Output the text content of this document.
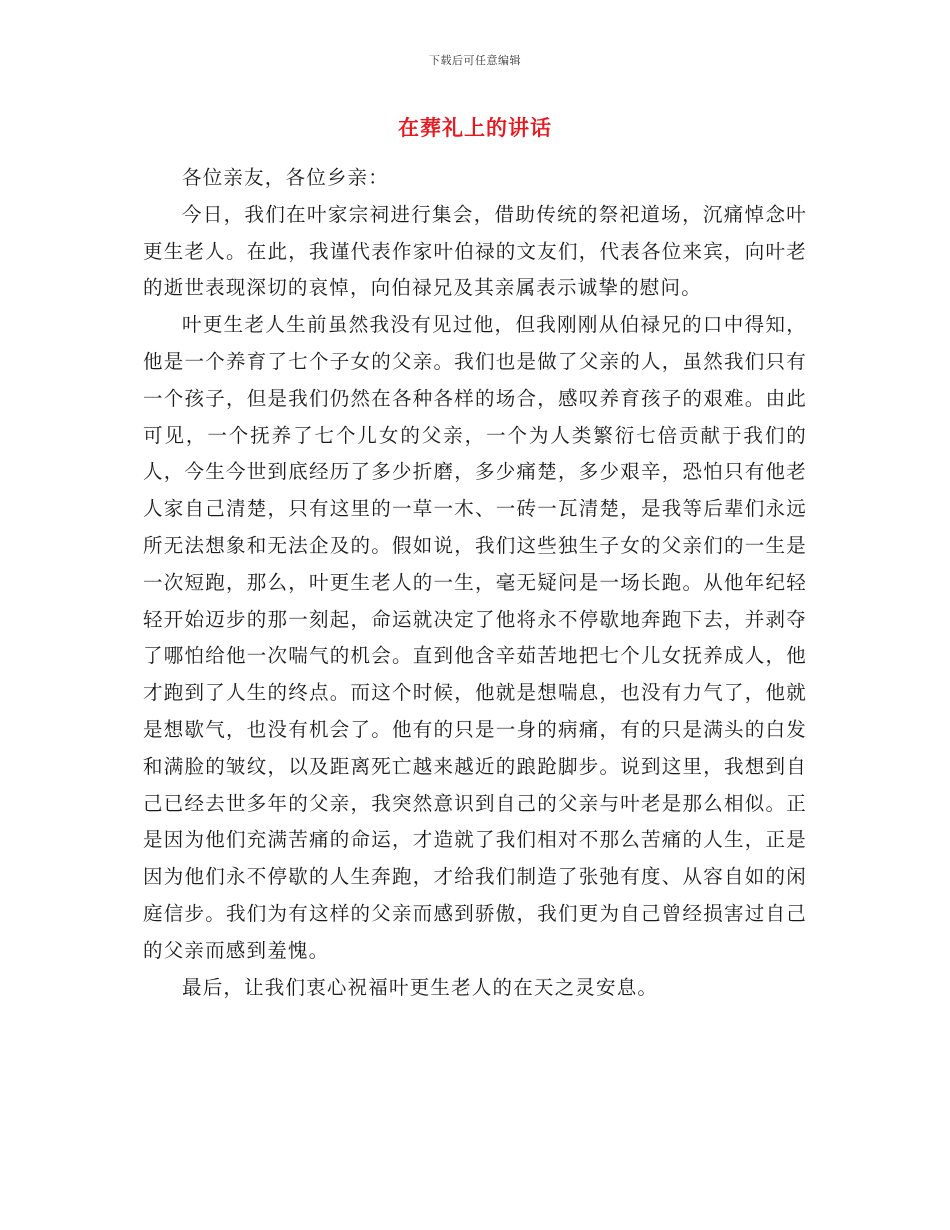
下载后可任意编辑
在葬礼上的讲话

各位亲友，各位乡亲：

今日，我们在叶家宗祠进行集会，借助传统的祭祀道场，沉痛悼念叶更生老人。在此，我谨代表作家叶伯禄的文友们，代表各位来宾，向叶老的逝世表现深切的哀悼，向伯禄兄及其亲属表示诚挚的慰问。

叶更生老人生前虽然我没有见过他，但我刚刚从伯禄兄的口中得知，他是一个养育了七个子女的父亲。我们也是做了父亲的人，虽然我们只有一个孩子，但是我们仍然在各种各样的场合，感叹养育孩子的艰难。由此可见，一个抚养了七个儿女的父亲，一个为人类繁衍七倍贡献于我们的人，今生今世到底经历了多少折磨，多少痛楚，多少艰辛，恐怕只有他老人家自己清楚，只有这里的一草一木、一砖一瓦清楚，是我等后辈们永远所无法想象和无法企及的。假如说，我们这些独生子女的父亲们的一生是一次短跑，那么，叶更生老人的一生，毫无疑问是一场长跑。从他年纪轻轻开始迈步的那一刻起，命运就决定了他将永不停歇地奔跑下去，并剥夺了哪怕给他一次喘气的机会。直到他含辛茹苦地把七个儿女抚养成人，他才跑到了人生的终点。而这个时候，他就是想喘息，也没有力气了，他就是想歇气，也没有机会了。他有的只是一身的病痛，有的只是满头的白发和满脸的皱纹，以及距离死亡越来越近的踉跄脚步。说到这里，我想到自己已经去世多年的父亲，我突然意识到自己的父亲与叶老是那么相似。正是因为他们充满苦痛的命运，才造就了我们相对不那么苦痛的人生，正是因为他们永不停歇的人生奔跑，才给我们制造了张弛有度、从容自如的闲庭信步。我们为有这样的父亲而感到骄傲，我们更为自己曾经损害过自己的父亲而感到羞愧。

最后，让我们衷心祝福叶更生老人的在天之灵安息。
